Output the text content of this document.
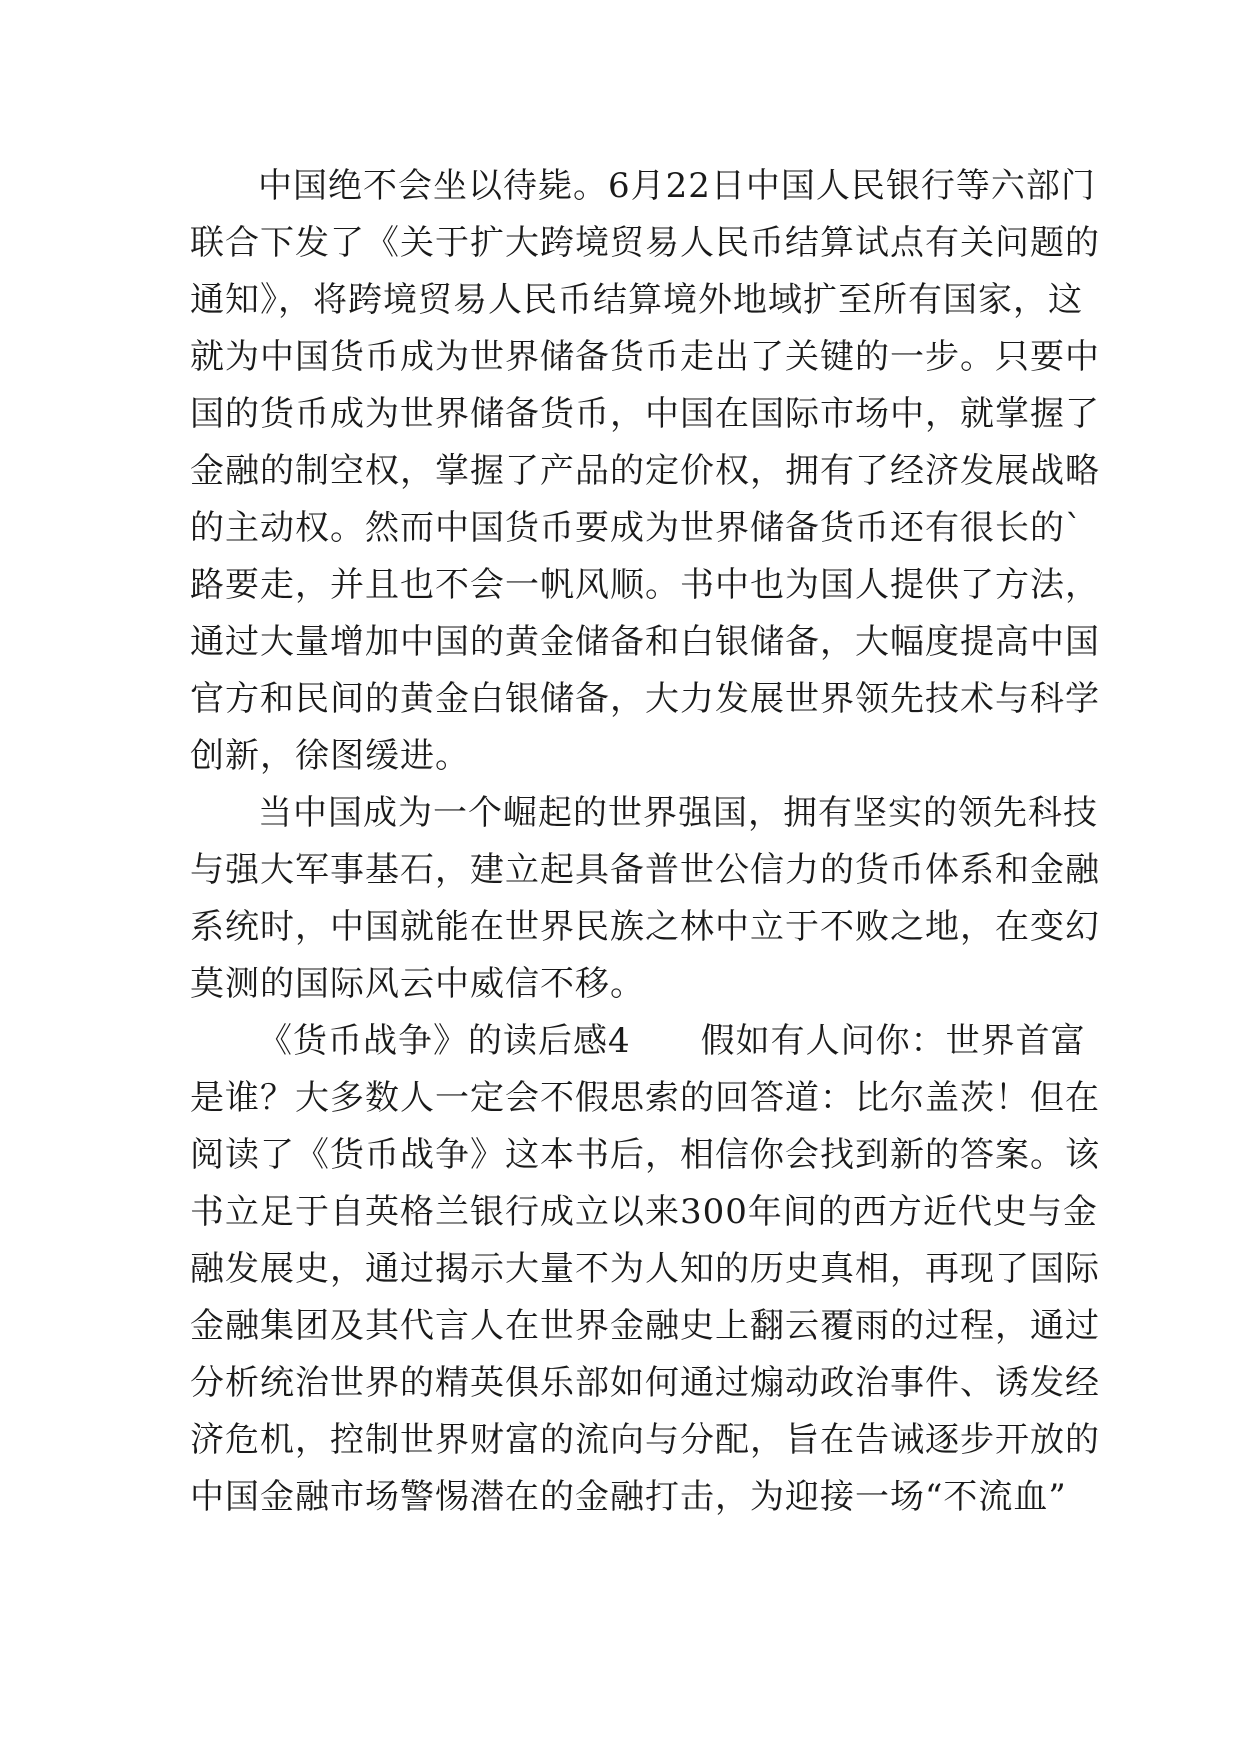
中国绝不会坐以待毙。6月22日中国人民银行等六部门
联合下发了《关于扩大跨境贸易人民币结算试点有关问题的
通知》，将跨境贸易人民币结算境外地域扩至所有国家，这
就为中国货币成为世界储备货币走出了关键的一步。只要中
国的货币成为世界储备货币，中国在国际市场中，就掌握了
金融的制空权，掌握了产品的定价权，拥有了经济发展战略
的主动权。然而中国货币要成为世界储备货币还有很长的`
路要走，并且也不会一帆风顺。书中也为国人提供了方法，
通过大量增加中国的黄金储备和白银储备，大幅度提高中国
官方和民间的黄金白银储备，大力发展世界领先技术与科学
创新，徐图缓进。
当中国成为一个崛起的世界强国，拥有坚实的领先科技
与强大军事基石，建立起具备普世公信力的货币体系和金融
系统时，中国就能在世界民族之林中立于不败之地，在变幻
莫测的国际风云中威信不移。
《货币战争》的读后感4　　假如有人问你：世界首富
是谁？大多数人一定会不假思索的回答道：比尔盖茨！但在
阅读了《货币战争》这本书后，相信你会找到新的答案。该
书立足于自英格兰银行成立以来300年间的西方近代史与金
融发展史，通过揭示大量不为人知的历史真相，再现了国际
金融集团及其代言人在世界金融史上翻云覆雨的过程，通过
分析统治世界的精英俱乐部如何通过煽动政治事件、诱发经
济危机，控制世界财富的流向与分配，旨在告诫逐步开放的
中国金融市场警惕潜在的金融打击，为迎接一场“不流血”
